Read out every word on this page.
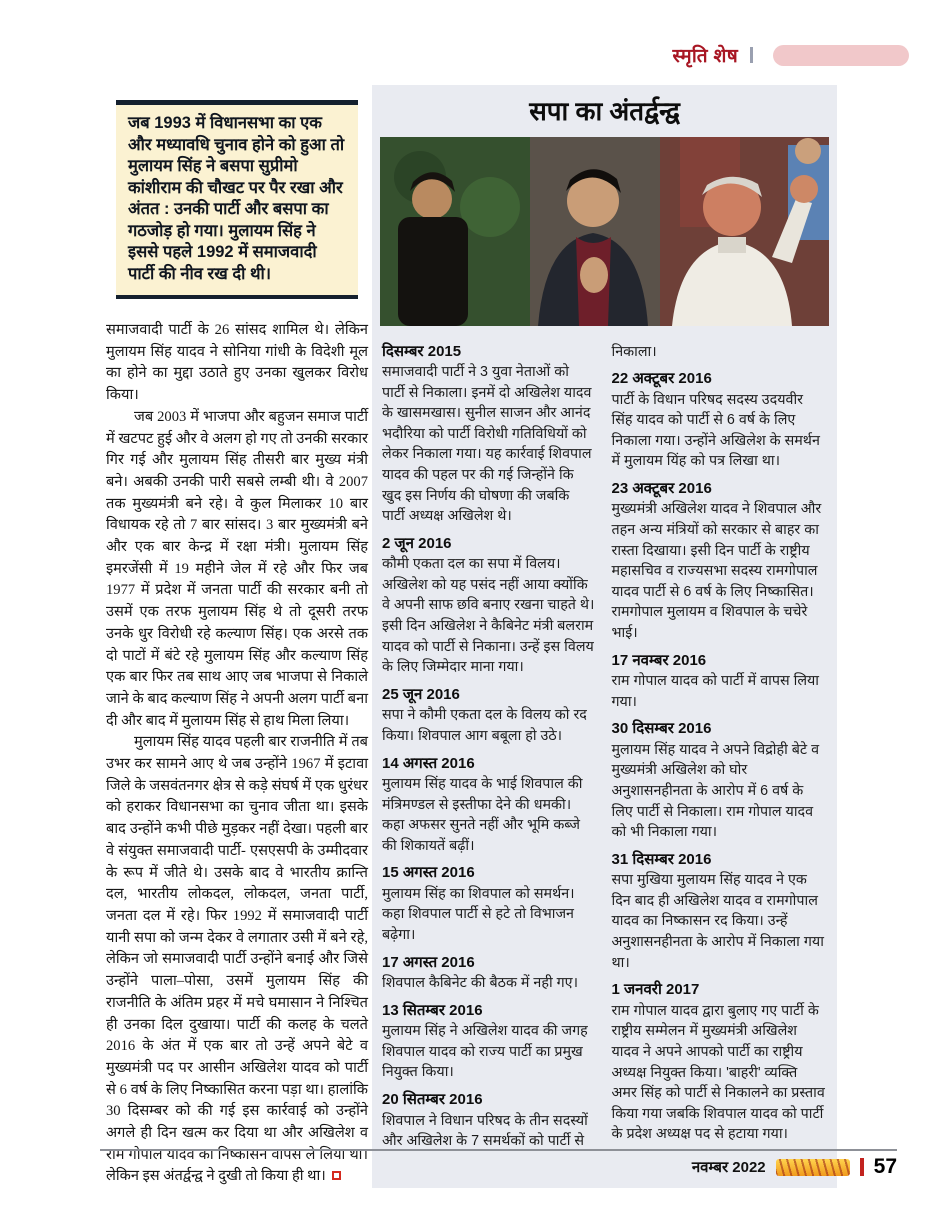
स्मृति शेष

जब 1993 में विधानसभा का एक और मध्यावधि चुनाव होने को हुआ तो मुलायम सिंह ने बसपा सुप्रीमो कांशीराम की चौखट पर पैर रखा और अंतत : उनकी पार्टी और बसपा का गठजोड़ हो गया। मुलायम सिंह ने इससे पहले 1992 में समाजवादी पार्टी की नीव रख दी थी।

समाजवादी पार्टी के 26 सांसद शामिल थे। लेकिन मुलायम सिंह यादव ने सोनिया गांधी के विदेशी मूल का होने का मुद्दा उठाते हुए उनका खुलकर विरोध किया।

जब 2003 में भाजपा और बहुजन समाज पार्टी में खटपट हुई और वे अलग हो गए तो उनकी सरकार गिर गई और मुलायम सिंह तीसरी बार मुख्य मंत्री बने। अबकी उनकी पारी सबसे लम्बी थी। वे 2007 तक मुख्यमंत्री बने रहे। वे कुल मिलाकर 10 बार विधायक रहे तो 7 बार सांसद। 3 बार मुख्यमंत्री बने और एक बार केन्द्र में रक्षा मंत्री। मुलायम सिंह इमरजेंसी में 19 महीने जेल में रहे और फिर जब 1977 में प्रदेश में जनता पार्टी की सरकार बनी तो उसमें एक तरफ मुलायम सिंह थे तो दूसरी तरफ उनके धुर विरोधी रहे कल्याण सिंह। एक अरसे तक दो पाटों में बंटे रहे मुलायम सिंह और कल्याण सिंह एक बार फिर तब साथ आए जब भाजपा से निकाले जाने के बाद कल्याण सिंह ने अपनी अलग पार्टी बना दी और बाद में मुलायम सिंह से हाथ मिला लिया।

मुलायम सिंह यादव पहली बार राजनीति में तब उभर कर सामने आए थे जब उन्होंने 1967 में इटावा जिले के जसवंतनगर क्षेत्र से कड़े संघर्ष में एक धुरंधर को हराकर विधानसभा का चुनाव जीता था। इसके बाद उन्होंने कभी पीछे मुड़कर नहीं देखा। पहली बार वे संयुक्त समाजवादी पार्टी- एसएसपी के उम्मीदवार के रूप में जीते थे। उसके बाद वे भारतीय क्रान्ति दल, भारतीय लोकदल, लोकदल, जनता पार्टी, जनता दल में रहे। फिर 1992 में समाजवादी पार्टी यानी सपा को जन्म देकर वे लगातार उसी में बने रहे, लेकिन जो समाजवादी पार्टी उन्होंने बनाई और जिसे उन्होंने पाला–पोसा, उसमें मुलायम सिंह की राजनीति के अंतिम प्रहर में मचे घमासान ने निश्चित ही उनका दिल दुखाया। पार्टी की कलह के चलते 2016 के अंत में एक बार तो उन्हें अपने बेटे व मुख्यमंत्री पद पर आसीन अखिलेश यादव को पार्टी से 6 वर्ष के लिए निष्कासित करना पड़ा था। हालांकि 30 दिसम्बर को की गई इस कार्रवाई को उन्होंने अगले ही दिन खत्म कर दिया था और अखिलेश व राम गोपाल यादव का निष्कासन वापस ले लिया था। लेकिन इस अंतर्द्वन्द्व ने दुखी तो किया ही था।

सपा का अंतर्द्वन्द्व
दिसम्बर 2015
समाजवादी पार्टी ने 3 युवा नेताओं को पार्टी से निकाला। इनमें दो अखिलेश यादव के खासमखास। सुनील साजन और आनंद भदौरिया को पार्टी विरोधी गतिविधियों को लेकर निकाला गया। यह कार्रवाई शिवपाल यादव की पहल पर की गई जिन्होंने कि खुद इस निर्णय की घोषणा की जबकि पार्टी अध्यक्ष अखिलेश थे।
2 जून 2016
कौमी एकता दल का सपा में विलय। अखिलेश को यह पसंद नहीं आया क्योंकि वे अपनी साफ छवि बनाए रखना चाहते थे। इसी दिन अखिलेश ने कैबिनेट मंत्री बलराम यादव को पार्टी से निकाना। उन्हें इस विलय के लिए जिम्मेदार माना गया।
25 जून 2016
सपा ने कौमी एकता दल के विलय को रद किया। शिवपाल आग बबूला हो उठे।
14 अगस्त 2016
मुलायम सिंह यादव के भाई शिवपाल की मंत्रिमण्डल से इस्तीफा देने की धमकी। कहा अफसर सुनते नहीं और भूमि कब्जे की शिकायतें बढ़ीं।
15 अगस्त 2016
मुलायम सिंह का शिवपाल को समर्थन। कहा शिवपाल पार्टी से हटे तो विभाजन बढ़ेगा।
17 अगस्त 2016
शिवपाल कैबिनेट की बैठक में नही गए।
13 सितम्बर 2016
मुलायम सिंह ने अखिलेश यादव की जगह शिवपाल यादव को राज्य पार्टी का प्रमुख नियुक्त किया।
20 सितम्बर 2016
शिवपाल ने विधान परिषद के तीन सदस्यों और अखिलेश के 7 समर्थकों को पार्टी से
निकाला।
22 अक्टूबर 2016
पार्टी के विधान परिषद सदस्य उदयवीर सिंह यादव को पार्टी से 6 वर्ष के लिए निकाला गया। उन्होंने अखिलेश के समर्थन में मुलायम यिंह को पत्र लिखा था।
23 अक्टूबर 2016
मुख्यमंत्री अखिलेश यादव ने शिवपाल और तहन अन्य मंत्रियों को सरकार से बाहर का रास्ता दिखाया। इसी दिन पार्टी के राष्ट्रीय महासचिव व राज्यसभा सदस्य रामगोपाल यादव पार्टी से 6 वर्ष के लिए निष्कासित। रामगोपाल मुलायम व शिवपाल के चचेरे भाई।
17 नवम्बर 2016
राम गोपाल यादव को पार्टी में वापस लिया गया।
30 दिसम्बर 2016
मुलायम सिंह यादव ने अपने विद्रोही बेटे व मुख्यमंत्री अखिलेश को घोर अनुशासनहीनता के आरोप में 6 वर्ष के लिए पार्टी से निकाला। राम गोपाल यादव को भी निकाला गया।
31 दिसम्बर 2016
सपा मुखिया मुलायम सिंह यादव ने एक दिन बाद ही अखिलेश यादव व रामगोपाल यादव का निष्कासन रद किया। उन्हें अनुशासनहीनता के आरोप में निकाला गया था।
1 जनवरी 2017
राम गोपाल यादव द्वारा बुलाए गए पार्टी के राष्ट्रीय सम्मेलन में मुख्यमंत्री अखिलेश यादव ने अपने आपको पार्टी का राष्ट्रीय अध्यक्ष नियुक्त किया। 'बाहरी' व्यक्ति अमर सिंह को पार्टी से निकालने का प्रस्ताव किया गया जबकि शिवपाल यादव को पार्टी के प्रदेश अध्यक्ष पद से हटाया गया।
नवम्बर 2022	57
